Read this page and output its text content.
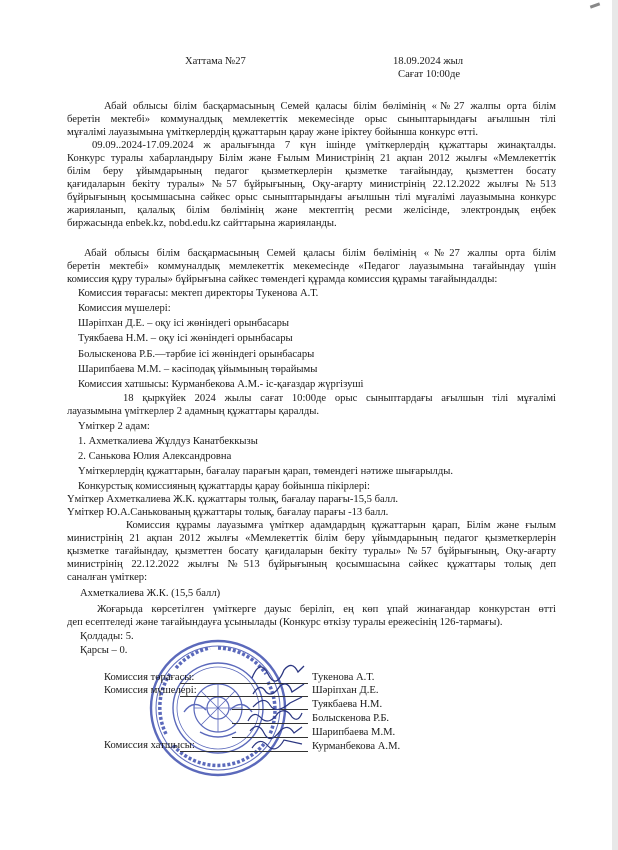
Хаттама №27	18.09.2024 жыл

Сағат 10:00де

Абай облысы білім басқармасының Семей қаласы білім бөлімінің «№27 жалпы орта білім

беретін мектебі» коммуналдық мемлекеттік мекемесінде орыс сыныптарындағы ағылшын тілі

мұғалімі лауазымына үміткерлердің құжаттарын қарау және іріктеу бойынша конкурс өтті.

09.09..2024-17.09.2024 ж аралығында 7 күн ішінде үміткерлердің құжаттары жинақталды.

Конкурс туралы хабарландыру Білім және Ғылым Министрінің 21 ақпан 2012 жылғы «Мемлекеттік

білім беру ұйымдарының педагог қызметкерлерін қызметке тағайындау, қызметтен босату

қағидаларын бекіту туралы» №57 бұйрығының, Оқу-ағарту министрінің 22.12.2022 жылғы №513

бұйрығының қосымшасына сәйкес орыс сыныптарындағы ағылшын тілі мұғалімі лауазымына конкурс

жарияланып, қалалық білім бөлімінің және мектептің ресми желісінде, электрондық еңбек

биржасында enbek.kz, nobd.edu.kz сайттарына жарияланды.

Абай облысы білім басқармасының Семей қаласы білім бөлімінің «№27 жалпы орта білім

беретін мектебі» коммуналдық мемлекеттік мекемесінде «Педагог лауазымына тағайындау үшін

комиссия құру туралы» бұйрығына сәйкес төмендегі құрамда комиссия құрамы тағайындалды:

Комиссия төрағасы: мектеп директоры Тукенова А.Т.

Комиссия мүшелері:

Шәріпхан Д.Е. – оқу ісі жөніндегі орынбасары

Туякбаева Н.М. – оқу ісі жөніндегі орынбасары

Болыскенова Р.Б.—тәрбие ісі жөніндегі орынбасары

Шарипбаева М.М. – кәсіподақ ұйымының төрайымы

Комиссия хатшысы: Курманбекова А.М.- іс-қағаздар жүргізуші

18 қыркүйек 2024 жылы сағат 10:00де орыс сыныптардағы ағылшын тілі мұғалімі

лауазымына үміткерлер 2 адамның құжаттары қаралды.

Үміткер 2 адам:

1. Ахметкалиева Жұлдуз Канатбеккызы

2. Санькова Юлия Александровна

Үміткерлердің құжаттарын, бағалау парағын қарап, төмендегі нәтиже шығарылды.

Конкурстық комиссияның құжаттарды қарау бойынша пікірлері:

Үміткер Ахметкалиева Ж.К. құжаттары толық, бағалау парағы-15,5 балл.

Үміткер Ю.А.Санькованың құжаттары толық, бағалау парағы -13 балл.

Комиссия құрамы лауазымға үміткер адамдардың құжаттарын қарап, Білім және ғылым

министрінің 21 ақпан 2012 жылғы «Мемлекеттік білім беру ұйымдарының педагог қызметкерлерін

қызметке тағайындау, қызметтен босату қағидаларын бекіту туралы» №57 бұйрығының, Оқу-ағарту

министрінің 22.12.2022 жылғы №513 бұйрығының қосымшасына сәйкес құжаттары толық деп

саналған үміткер:

Ахметкалиева Ж.К. (15,5 балл)

Жоғарыда көрсетілген үміткерге дауыс беріліп, ең көп ұпай жинағандар конкурстан өтті

деп есептеледі және тағайындауға ұсынылады (Конкурс өткізу туралы ережесінің 126-тармағы).

Қолдады: 5.

Қарсы – 0.

Комиссия төрағасы:

Комиссия мүшелері:

Комиссия хатшысы:

Тукенова А.Т.

Шәріпхан Д.Е.

Туякбаева Н.М.

Болыскенова Р.Б.

Шарипбаева М.М.

Курманбекова А.М.
